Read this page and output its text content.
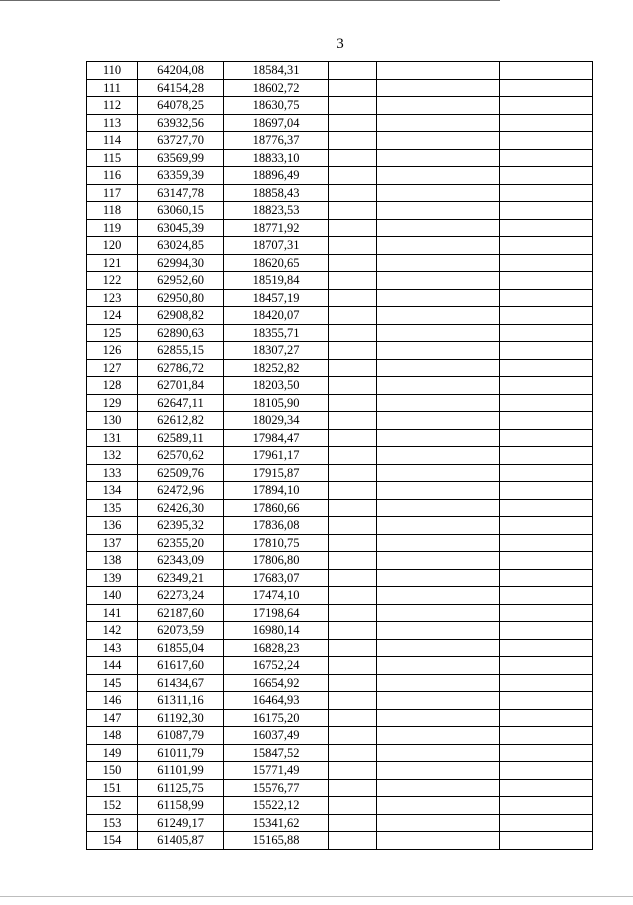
3
110	64204,08	18584,31			
111	64154,28	18602,72			
112	64078,25	18630,75			
113	63932,56	18697,04			
114	63727,70	18776,37			
115	63569,99	18833,10			
116	63359,39	18896,49			
117	63147,78	18858,43			
118	63060,15	18823,53			
119	63045,39	18771,92			
120	63024,85	18707,31			
121	62994,30	18620,65			
122	62952,60	18519,84			
123	62950,80	18457,19			
124	62908,82	18420,07			
125	62890,63	18355,71			
126	62855,15	18307,27			
127	62786,72	18252,82			
128	62701,84	18203,50			
129	62647,11	18105,90			
130	62612,82	18029,34			
131	62589,11	17984,47			
132	62570,62	17961,17			
133	62509,76	17915,87			
134	62472,96	17894,10			
135	62426,30	17860,66			
136	62395,32	17836,08			
137	62355,20	17810,75			
138	62343,09	17806,80			
139	62349,21	17683,07			
140	62273,24	17474,10			
141	62187,60	17198,64			
142	62073,59	16980,14			
143	61855,04	16828,23			
144	61617,60	16752,24			
145	61434,67	16654,92			
146	61311,16	16464,93			
147	61192,30	16175,20			
148	61087,79	16037,49			
149	61011,79	15847,52			
150	61101,99	15771,49			
151	61125,75	15576,77			
152	61158,99	15522,12			
153	61249,17	15341,62			
154	61405,87	15165,88			
